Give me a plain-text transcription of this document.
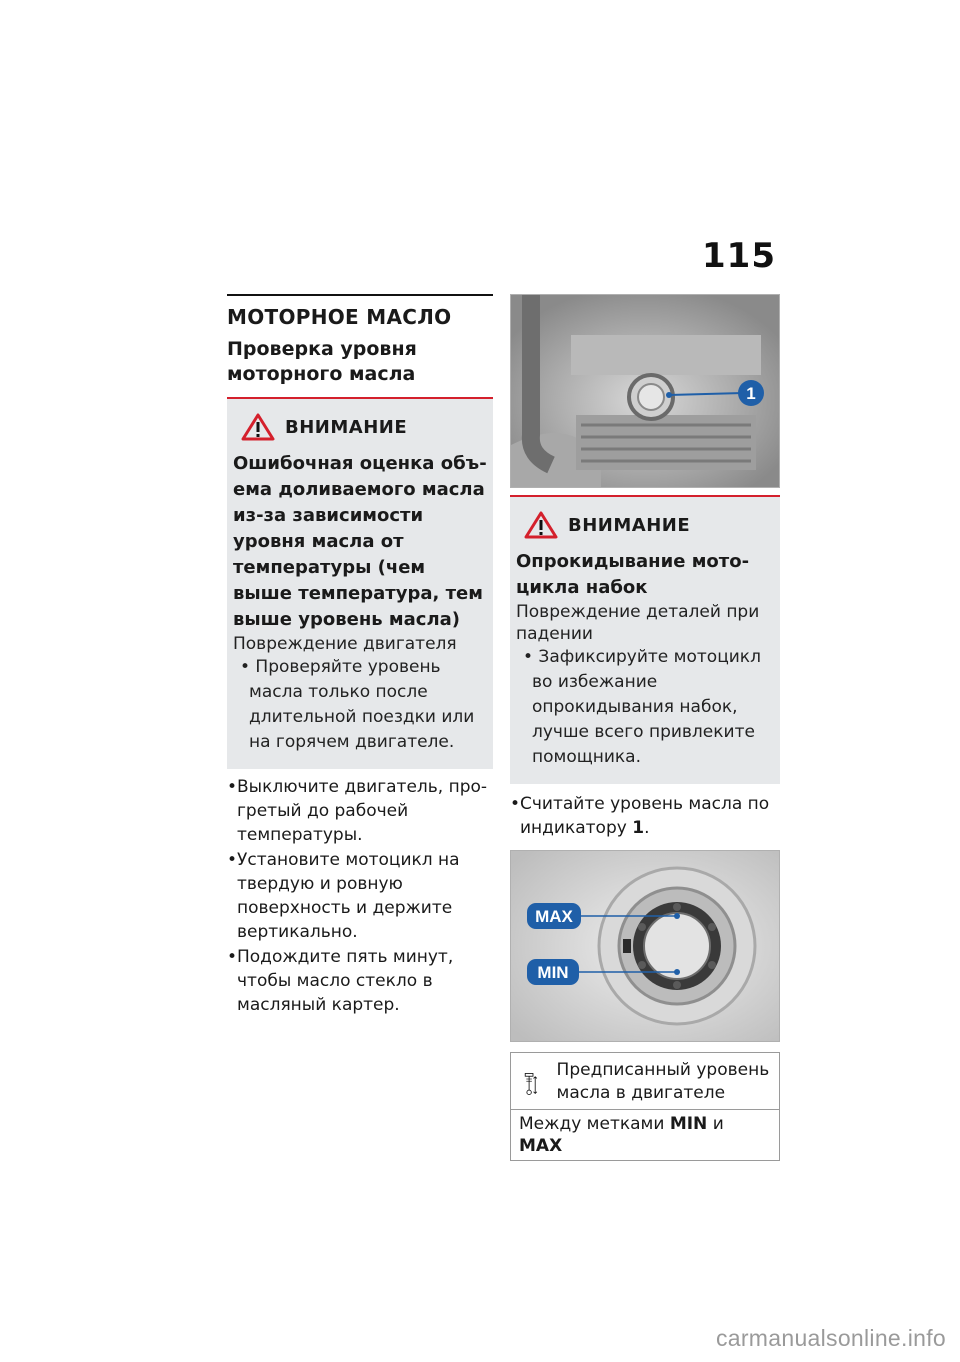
115
МОТОРНОЕ МАСЛО
Проверка уровня моторного масла
ВНИМАНИЕ
Ошибочная оценка объема доливаемого масла из-за зависимости уровня масла от температуры (чем выше температура, тем выше уровень масла)
Повреждение двигателя
• Проверяйте уровень масла только после длительной поездки или на горячем двигателе.
• Выключите двигатель, прогретый до рабочей температуры.
• Установите мотоцикл на твердую и ровную поверхность и держите вертикально.
• Подождите пять минут, чтобы масло стекло в масляный картер.
1
ВНИМАНИЕ
Опрокидывание мотоцикла набок
Повреждение деталей при падении
• Зафиксируйте мотоцикл во избежание опрокидывания набок, лучше всего привлеките помощника.
• Считайте уровень масла по индикатору 1.
MAX
MIN
Предписанный уровень масла в двигателе
Между метками MIN и MAX
carmanualsonline.info
